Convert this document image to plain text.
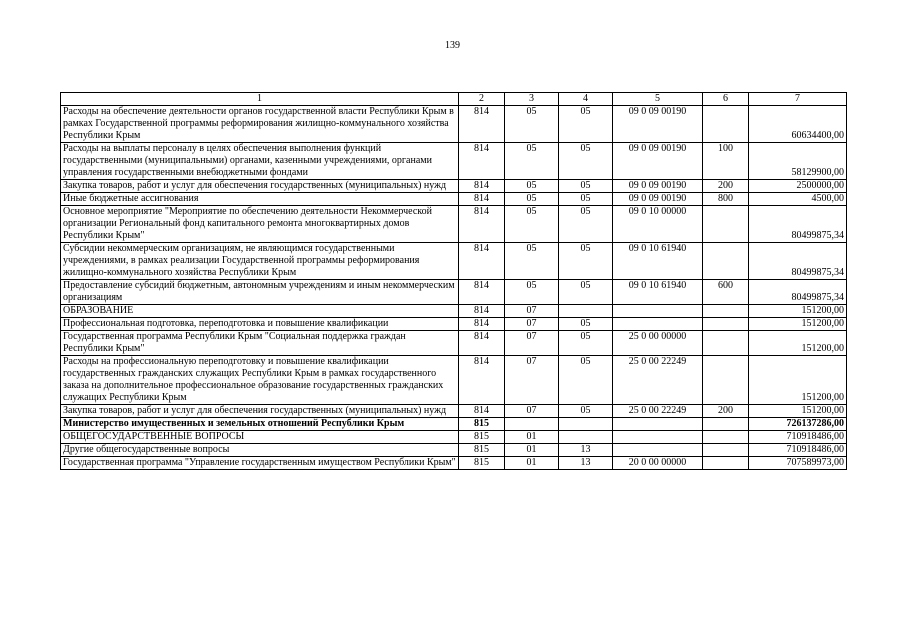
139
1	2	3	4	5	6	7
Расходы на обеспечение деятельности органов государственной власти Республики Крым в рамках Государственной программы реформирования жилищно-коммунального хозяйства Республики Крым	814	05	05	09 0 09 00190		60634400,00
Расходы на выплаты персоналу в целях обеспечения выполнения функций государственными (муниципальными) органами, казенными учреждениями, органами управления государственными внебюджетными фондами	814	05	05	09 0 09 00190	100	58129900,00
Закупка товаров, работ и услуг для обеспечения государственных (муниципальных) нужд	814	05	05	09 0 09 00190	200	2500000,00
Иные бюджетные ассигнования	814	05	05	09 0 09 00190	800	4500,00
Основное мероприятие "Мероприятие по обеспечению деятельности Некоммерческой организации Региональный фонд капитального ремонта многоквартирных домов Республики Крым"	814	05	05	09 0 10 00000		80499875,34
Субсидии некоммерческим организациям, не являющимся государственными учреждениями, в рамках реализации Государственной программы реформирования жилищно-коммунального хозяйства Республики Крым	814	05	05	09 0 10 61940		80499875,34
Предоставление субсидий бюджетным, автономным учреждениям и иным некоммерческим организациям	814	05	05	09 0 10 61940	600	80499875,34
ОБРАЗОВАНИЕ	814	07				151200,00
Профессиональная подготовка, переподготовка и повышение квалификации	814	07	05			151200,00
Государственная программа Республики Крым "Социальная поддержка граждан Республики Крым"	814	07	05	25 0 00 00000		151200,00
Расходы на профессиональную переподготовку и повышение квалификации государственных гражданских служащих Республики Крым в рамках государственного заказа на дополнительное профессиональное образование государственных гражданских служащих Республики Крым	814	07	05	25 0 00 22249		151200,00
Закупка товаров, работ и услуг для обеспечения государственных (муниципальных) нужд	814	07	05	25 0 00 22249	200	151200,00
Министерство имущественных и земельных отношений Республики Крым	815					726137286,00
ОБЩЕГОСУДАРСТВЕННЫЕ ВОПРОСЫ	815	01				710918486,00
Другие общегосударственные вопросы	815	01	13			710918486,00
Государственная программа "Управление государственным имуществом Республики Крым"	815	01	13	20 0 00 00000		707589973,00
